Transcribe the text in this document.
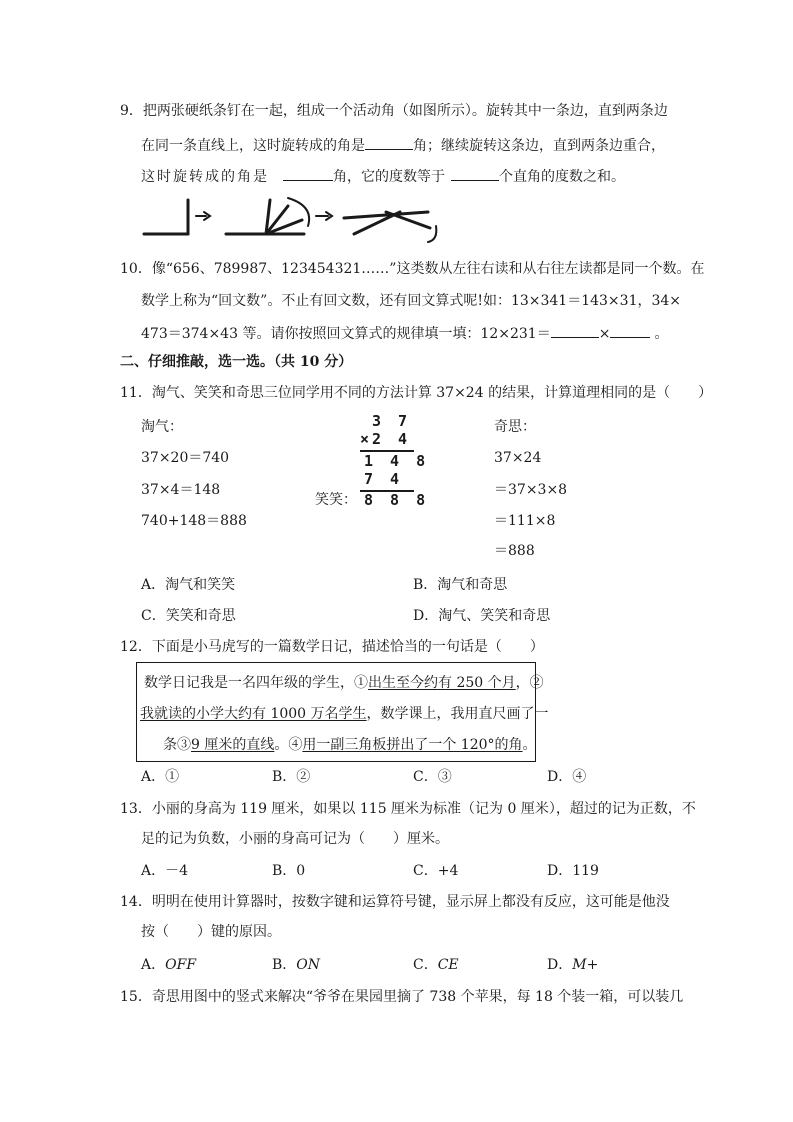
9．把两张硬纸条钉在一起，组成一个活动角（如图所示）。旋转其中一条边，直到两条边
在同一条直线上，这时旋转成的角是	角；继续旋转这条边，直到两条边重合，
这时旋转成的角是	角，它的度数等于	个直角的度数之和。
10．像“656、789987、123454321……”这类数从左往右读和从右往左读都是同一个数。在
数学上称为“回文数”。不止有回文数，还有回文算式呢!如：13×341＝143×31，34×
473＝374×43 等。请你按照回文算式的规律填一填：12×231＝	×	。
二、仔细推敲，选一选。（共 10 分）
11．淘气、笑笑和奇思三位同学用不同的方法计算 37×24 的结果，计算道理相同的是（　　）
淘气：
37×20＝740
37×4＝148
740+148＝888
笑笑：
3 7
× 2 4
1 4 8
7 4
8 8 8
奇思：
37×24
＝37×3×8
＝111×8
＝888
A．淘气和笑笑	B．淘气和奇思
C．笑笑和奇思	D．淘气、笑笑和奇思
12．下面是小马虎写的一篇数学日记，描述恰当的一句话是（　　）
数学日记我是一名四年级的学生，①出生至今约有 250 个月，②
我就读的小学大约有 1000 万名学生，数学课上，我用直尺画了一
条③9 厘米的直线。④用一副三角板拼出了一个 120°的角。
A．①	B．②	C．③	D．④
13．小丽的身高为 119 厘米，如果以 115 厘米为标准（记为 0 厘米），超过的记为正数，不
足的记为负数，小丽的身高可记为（　　）厘米。
A．－4	B．0	C．+4	D．119
14．明明在使用计算器时，按数字键和运算符号键，显示屏上都没有反应，这可能是他没
按（　　）键的原因。
A．OFF	B．ON	C．CE	D．M+
15．奇思用图中的竖式来解决“爷爷在果园里摘了 738 个苹果，每 18 个装一箱，可以装几
